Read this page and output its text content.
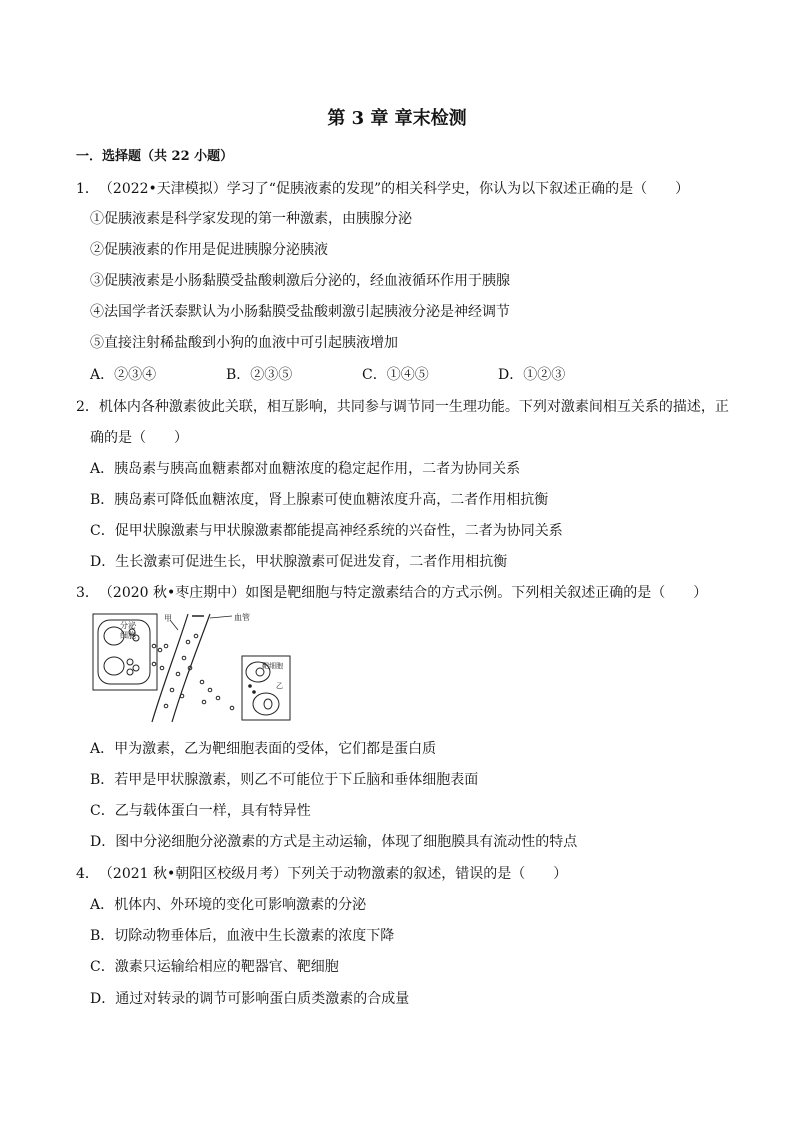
第 3 章 章末检测
一．选择题（共 22 小题）
1．（2022•天津模拟）学习了“促胰液素的发现”的相关科学史，你认为以下叙述正确的是（　　）
①促胰液素是科学家发现的第一种激素，由胰腺分泌
②促胰液素的作用是促进胰腺分泌胰液
③促胰液素是小肠黏膜受盐酸刺激后分泌的，经血液循环作用于胰腺
④法国学者沃泰默认为小肠黏膜受盐酸刺激引起胰液分泌是神经调节
⑤直接注射稀盐酸到小狗的血液中可引起胰液增加
A．②③④	B．②③⑤	C．①④⑤	D．①②③
2．机体内各种激素彼此关联，相互影响，共同参与调节同一生理功能。下列对激素间相互关系的描述，正
确的是（　　）
A．胰岛素与胰高血糖素都对血糖浓度的稳定起作用，二者为协同关系
B．胰岛素可降低血糖浓度，肾上腺素可使血糖浓度升高，二者作用相抗衡
C．促甲状腺激素与甲状腺激素都能提高神经系统的兴奋性，二者为协同关系
D．生长激素可促进生长，甲状腺激素可促进发育，二者作用相抗衡
3．（2020 秋•枣庄期中）如图是靶细胞与特定激素结合的方式示例。下列相关叙述正确的是（　　）
分泌
细胞
甲	血管
靶细胞
乙
A．甲为激素，乙为靶细胞表面的受体，它们都是蛋白质
B．若甲是甲状腺激素，则乙不可能位于下丘脑和垂体细胞表面
C．乙与载体蛋白一样，具有特异性
D．图中分泌细胞分泌激素的方式是主动运输，体现了细胞膜具有流动性的特点
4．（2021 秋•朝阳区校级月考）下列关于动物激素的叙述，错误的是（　　）
A．机体内、外环境的变化可影响激素的分泌
B．切除动物垂体后，血液中生长激素的浓度下降
C．激素只运输给相应的靶器官、靶细胞
D．通过对转录的调节可影响蛋白质类激素的合成量
